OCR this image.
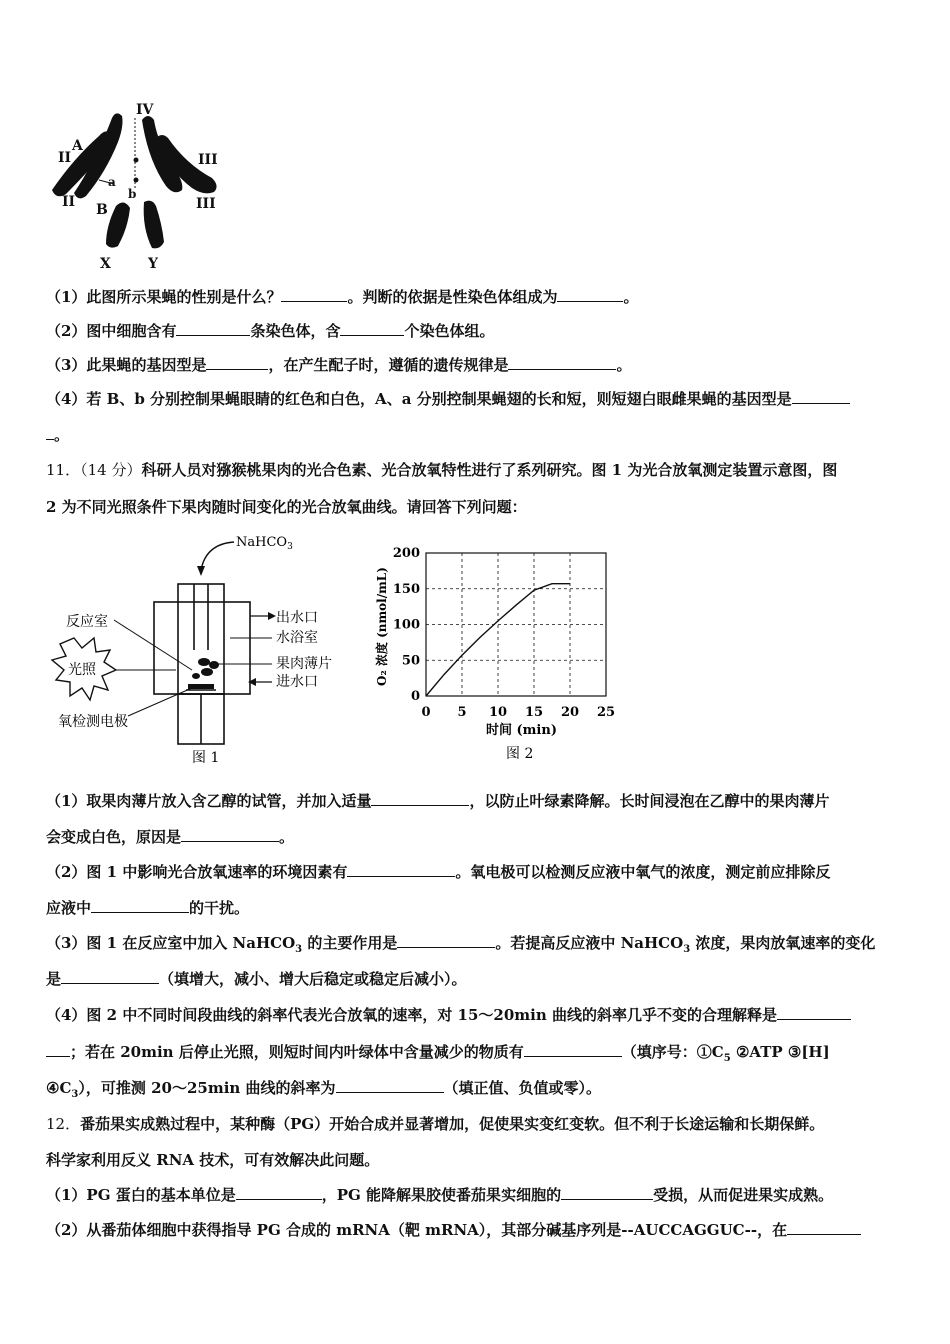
IV
II
A
III
a
II B	III
b
X	Y
（1）此图所示果蝇的性别是什么？	。判断的依据是性染色体组成为	。
（2）图中细胞含有	条染色体，含	个染色体组。
（3）此果蝇的基因型是	，在产生配子时，遵循的遗传规律是	。
（4）若 B、b 分别控制果蝇眼睛的红色和白色，A、a 分别控制果蝇翅的长和短，则短翅白眼雌果蝇的基因型是
。
11．（14 分）科研人员对猕猴桃果肉的光合色素、光合放氧特性进行了系列研究。图 1 为光合放氧测定装置示意图，图
2 为不同光照条件下果肉随时间变化的光合放氧曲线。请回答下列问题：
NaHCO$_3$
反应室	出水口
水浴室
果肉薄片
进水口
光照
氧检测电极
图 1
0
50
100
150
200
0 5 10 15 20 25
O₂ 浓度 (nmol/mL)
时间 (min)
图 2
（1）取果肉薄片放入含乙醇的试管，并加入适量	，以防止叶绿素降解。长时间浸泡在乙醇中的果肉薄片
会变成白色，原因是	。
（2）图 1 中影响光合放氧速率的环境因素有	。氧电极可以检测反应液中氧气的浓度，测定前应排除反
应液中	的干扰。
（3）图 1 在反应室中加入 NaHCO$_3$ 的主要作用是	。若提高反应液中 NaHCO$_3$ 浓度，果肉放氧速率的变化
是	（填增大，减小、增大后稳定或稳定后减小）。
（4）图 2 中不同时间段曲线的斜率代表光合放氧的速率，对 15～20min 曲线的斜率几乎不变的合理解释是
；若在 20min 后停止光照，则短时间内叶绿体中含量减少的物质有	（填序号：$①C_5$ ②ATP ③[H]
$④C_3$），可推测 20～25min 曲线的斜率为	（填正值、负值或零）。
12．番茄果实成熟过程中，某种酶（PG）开始合成并显著增加，促使果实变红变软。但不利于长途运输和长期保鲜。
科学家利用反义 RNA 技术，可有效解决此问题。
（1）PG 蛋白的基本单位是	，PG 能降解果胶使番茄果实细胞的	受损，从而促进果实成熟。
（2）从番茄体细胞中获得指导 PG 合成的 mRNA（靶 mRNA），其部分碱基序列是--AUCCAGGUC--，在
